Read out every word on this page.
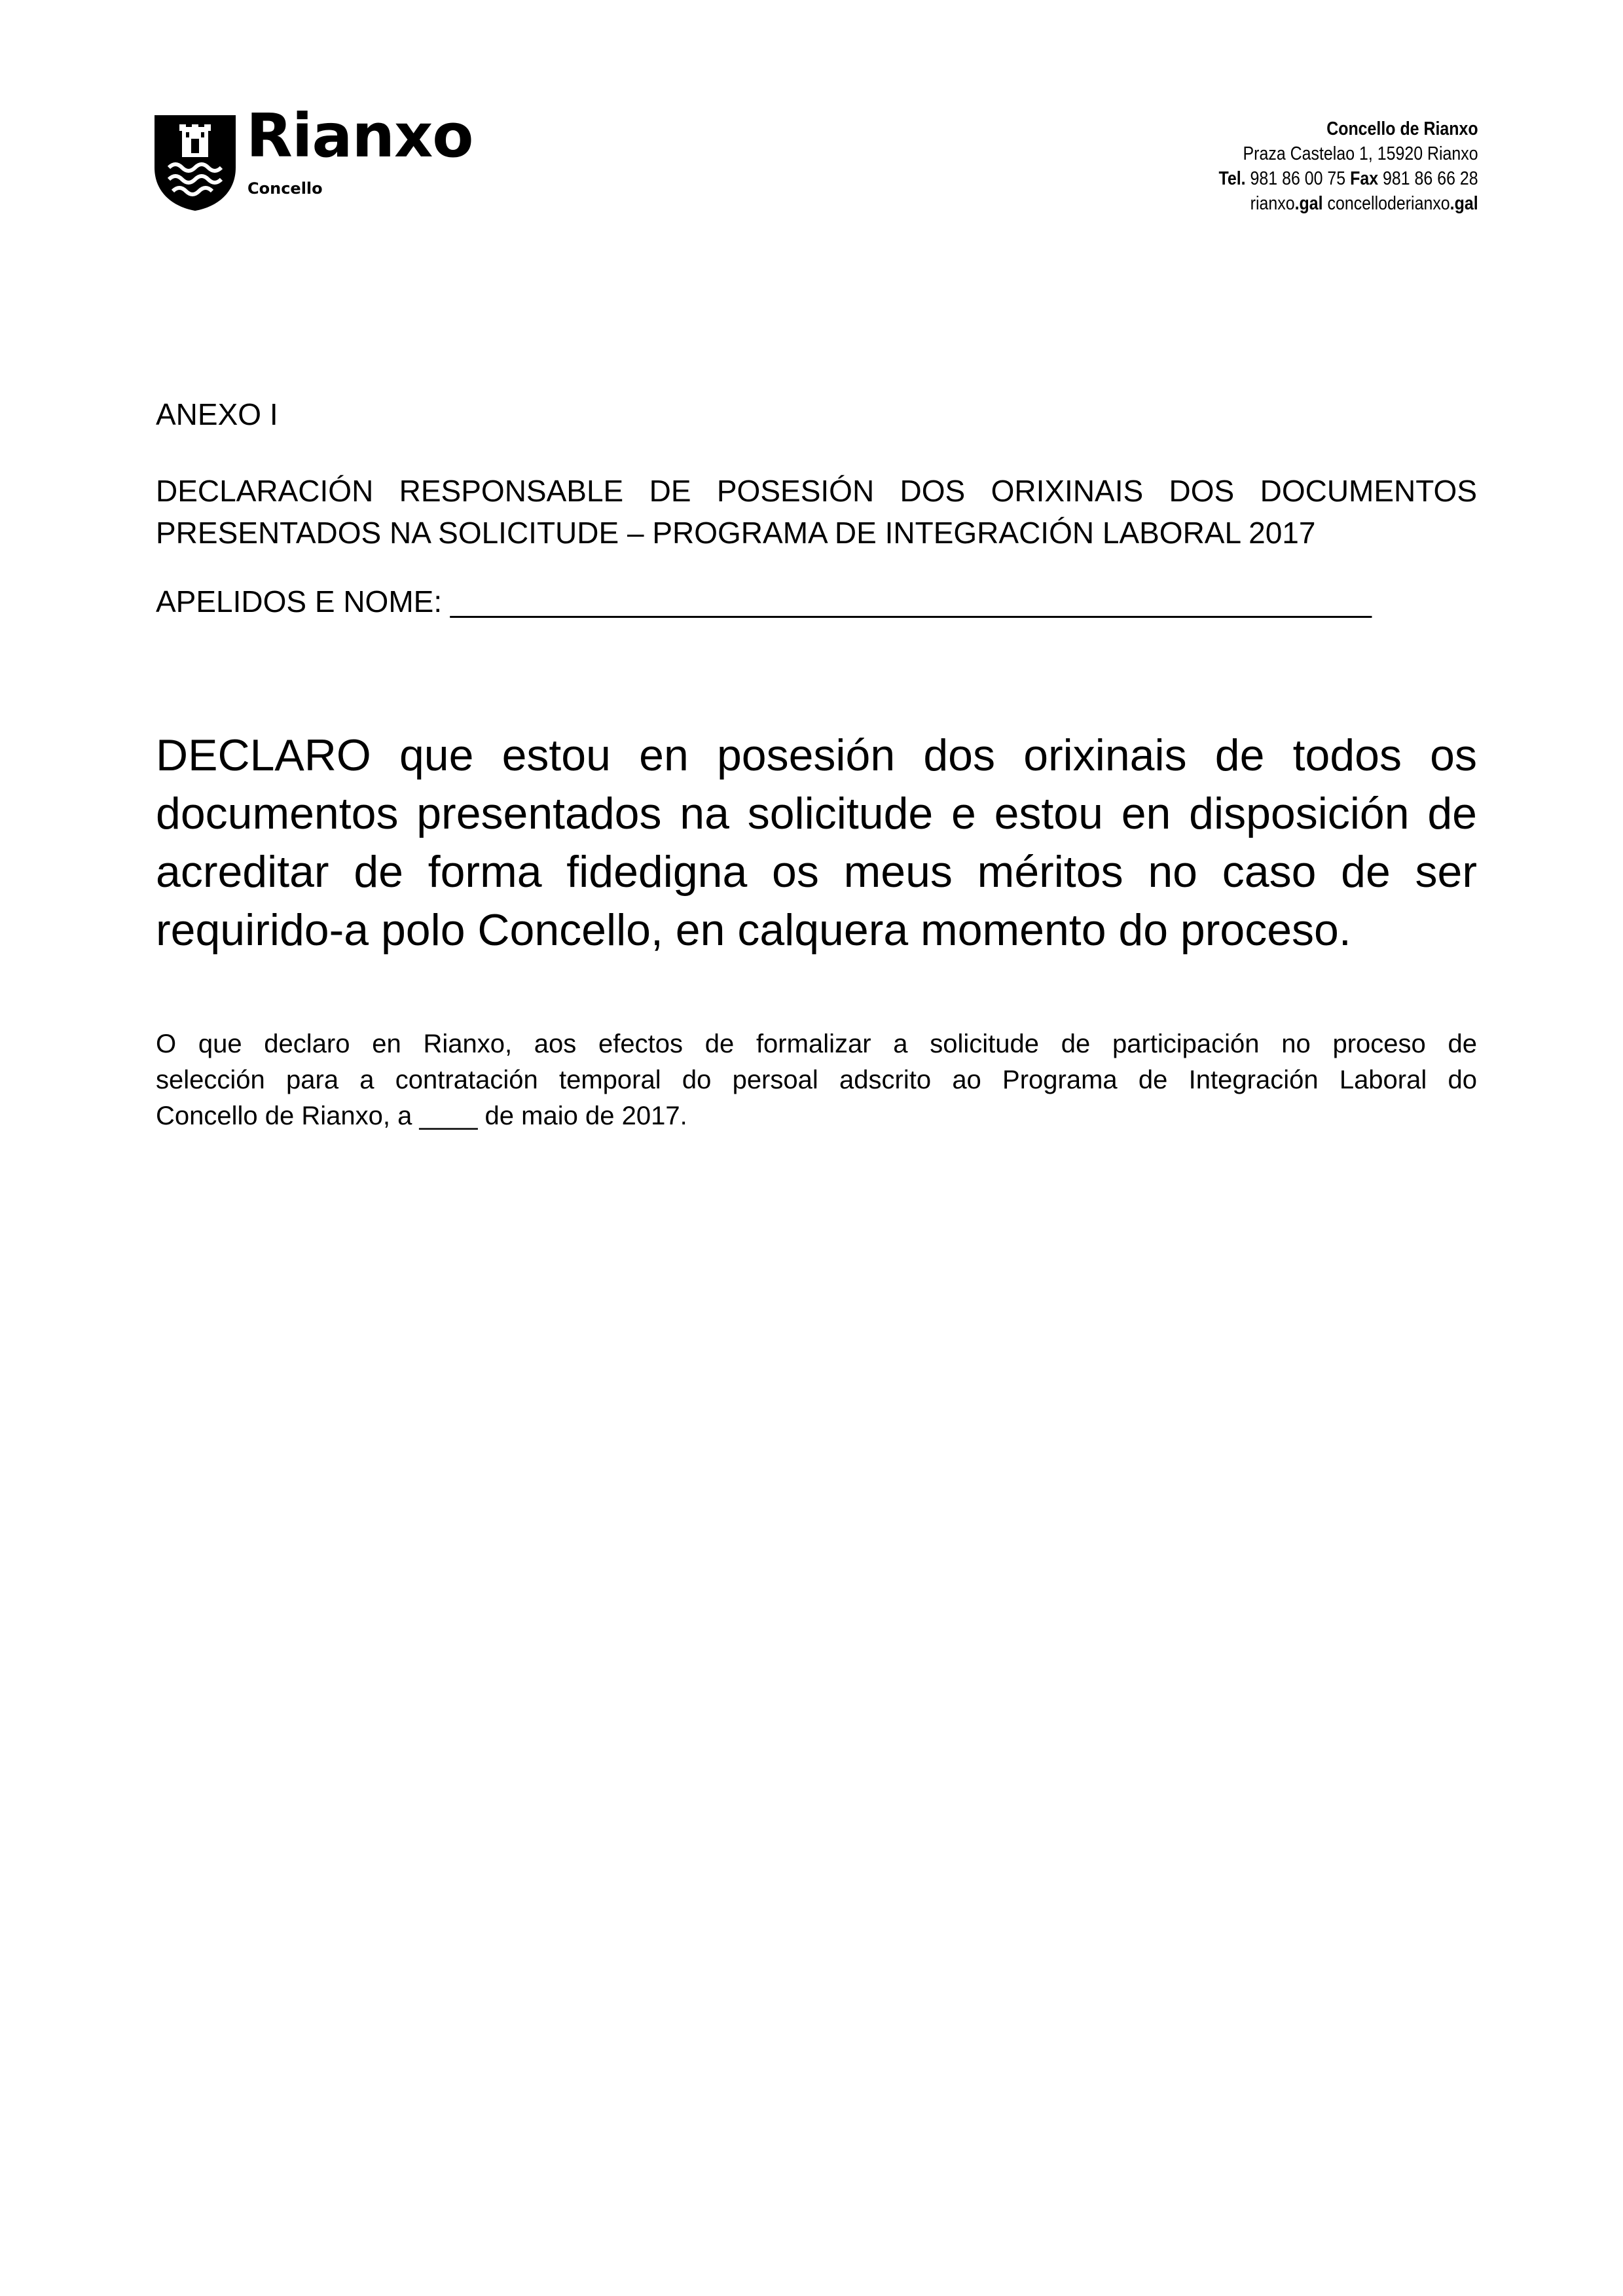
Rianxo
Concello
Concello de Rianxo
Praza Castelao 1, 15920 Rianxo
Tel. 981 86 00 75 Fax 981 86 66 28
rianxo.gal concelloderianxo.gal
ANEXO I
DECLARACIÓN RESPONSABLE DE POSESIÓN DOS ORIXINAIS DOS DOCUMENTOS
PRESENTADOS NA SOLICITUDE – PROGRAMA DE INTEGRACIÓN LABORAL 2017
APELIDOS E NOME: _______________________________________________________
DECLARO que estou en posesión dos orixinais de todos os
documentos presentados na solicitude e estou en disposición de
acreditar de forma fidedigna os meus méritos no caso de ser
requirido-a polo Concello, en calquera momento do proceso.
O que declaro en Rianxo, aos efectos de formalizar a solicitude de participación no proceso de
selección para a contratación temporal do persoal adscrito ao Programa de Integración Laboral do
Concello de Rianxo, a ____ de maio de 2017.
